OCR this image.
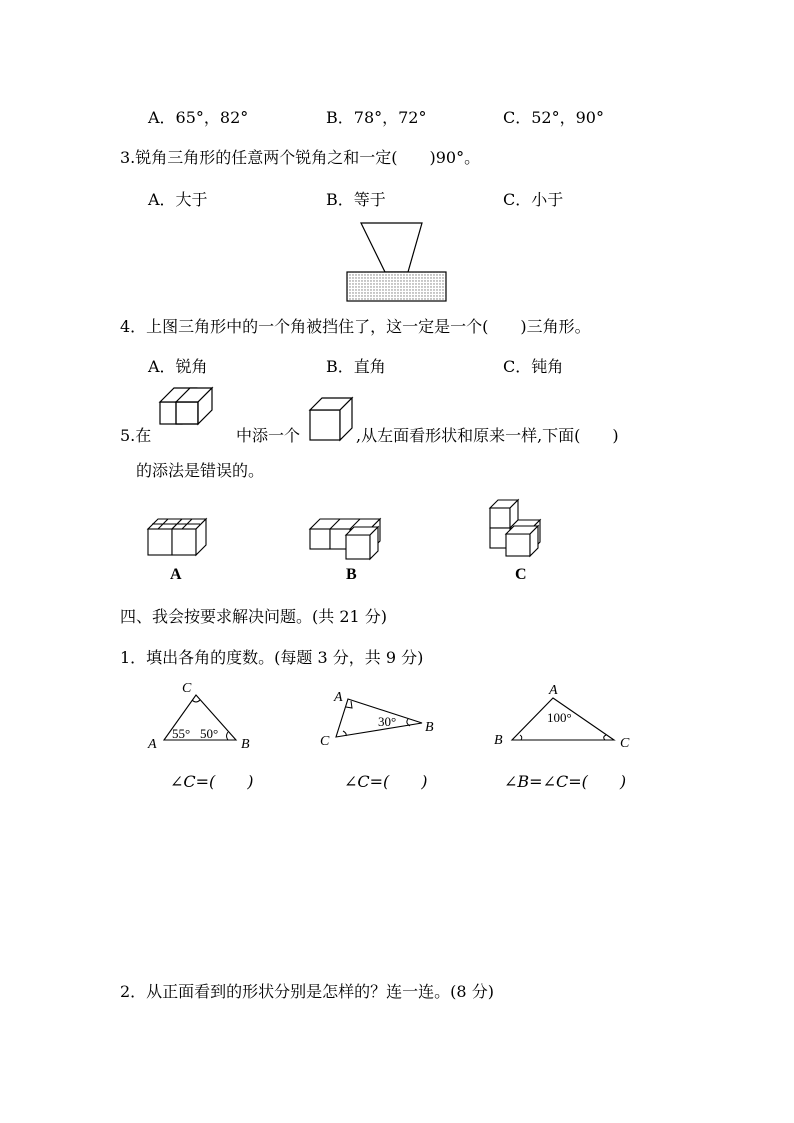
A．65°，82°	B．78°，72°	C．52°，90°
3.锐角三角形的任意两个锐角之和一定(　　)90°。
A．大于	B．等于	C．小于
4．上图三角形中的一个角被挡住了，这一定是一个(　　)三角形。
A．锐角	B．直角	C．钝角
5.在	中添一个	,从左面看形状和原来一样,下面(　　)
的添法是错误的。
A	B	C
四、我会按要求解决问题。(共 21 分)
1．填出各角的度数。(每题 3 分，共 9 分)
C
A	B
55° 50°
A
B
C
30°
A
B	C
100°
∠C=(　　)	∠C=(　　)	∠B=∠C=(　　)
2．从正面看到的形状分别是怎样的？连一连。(8 分)
